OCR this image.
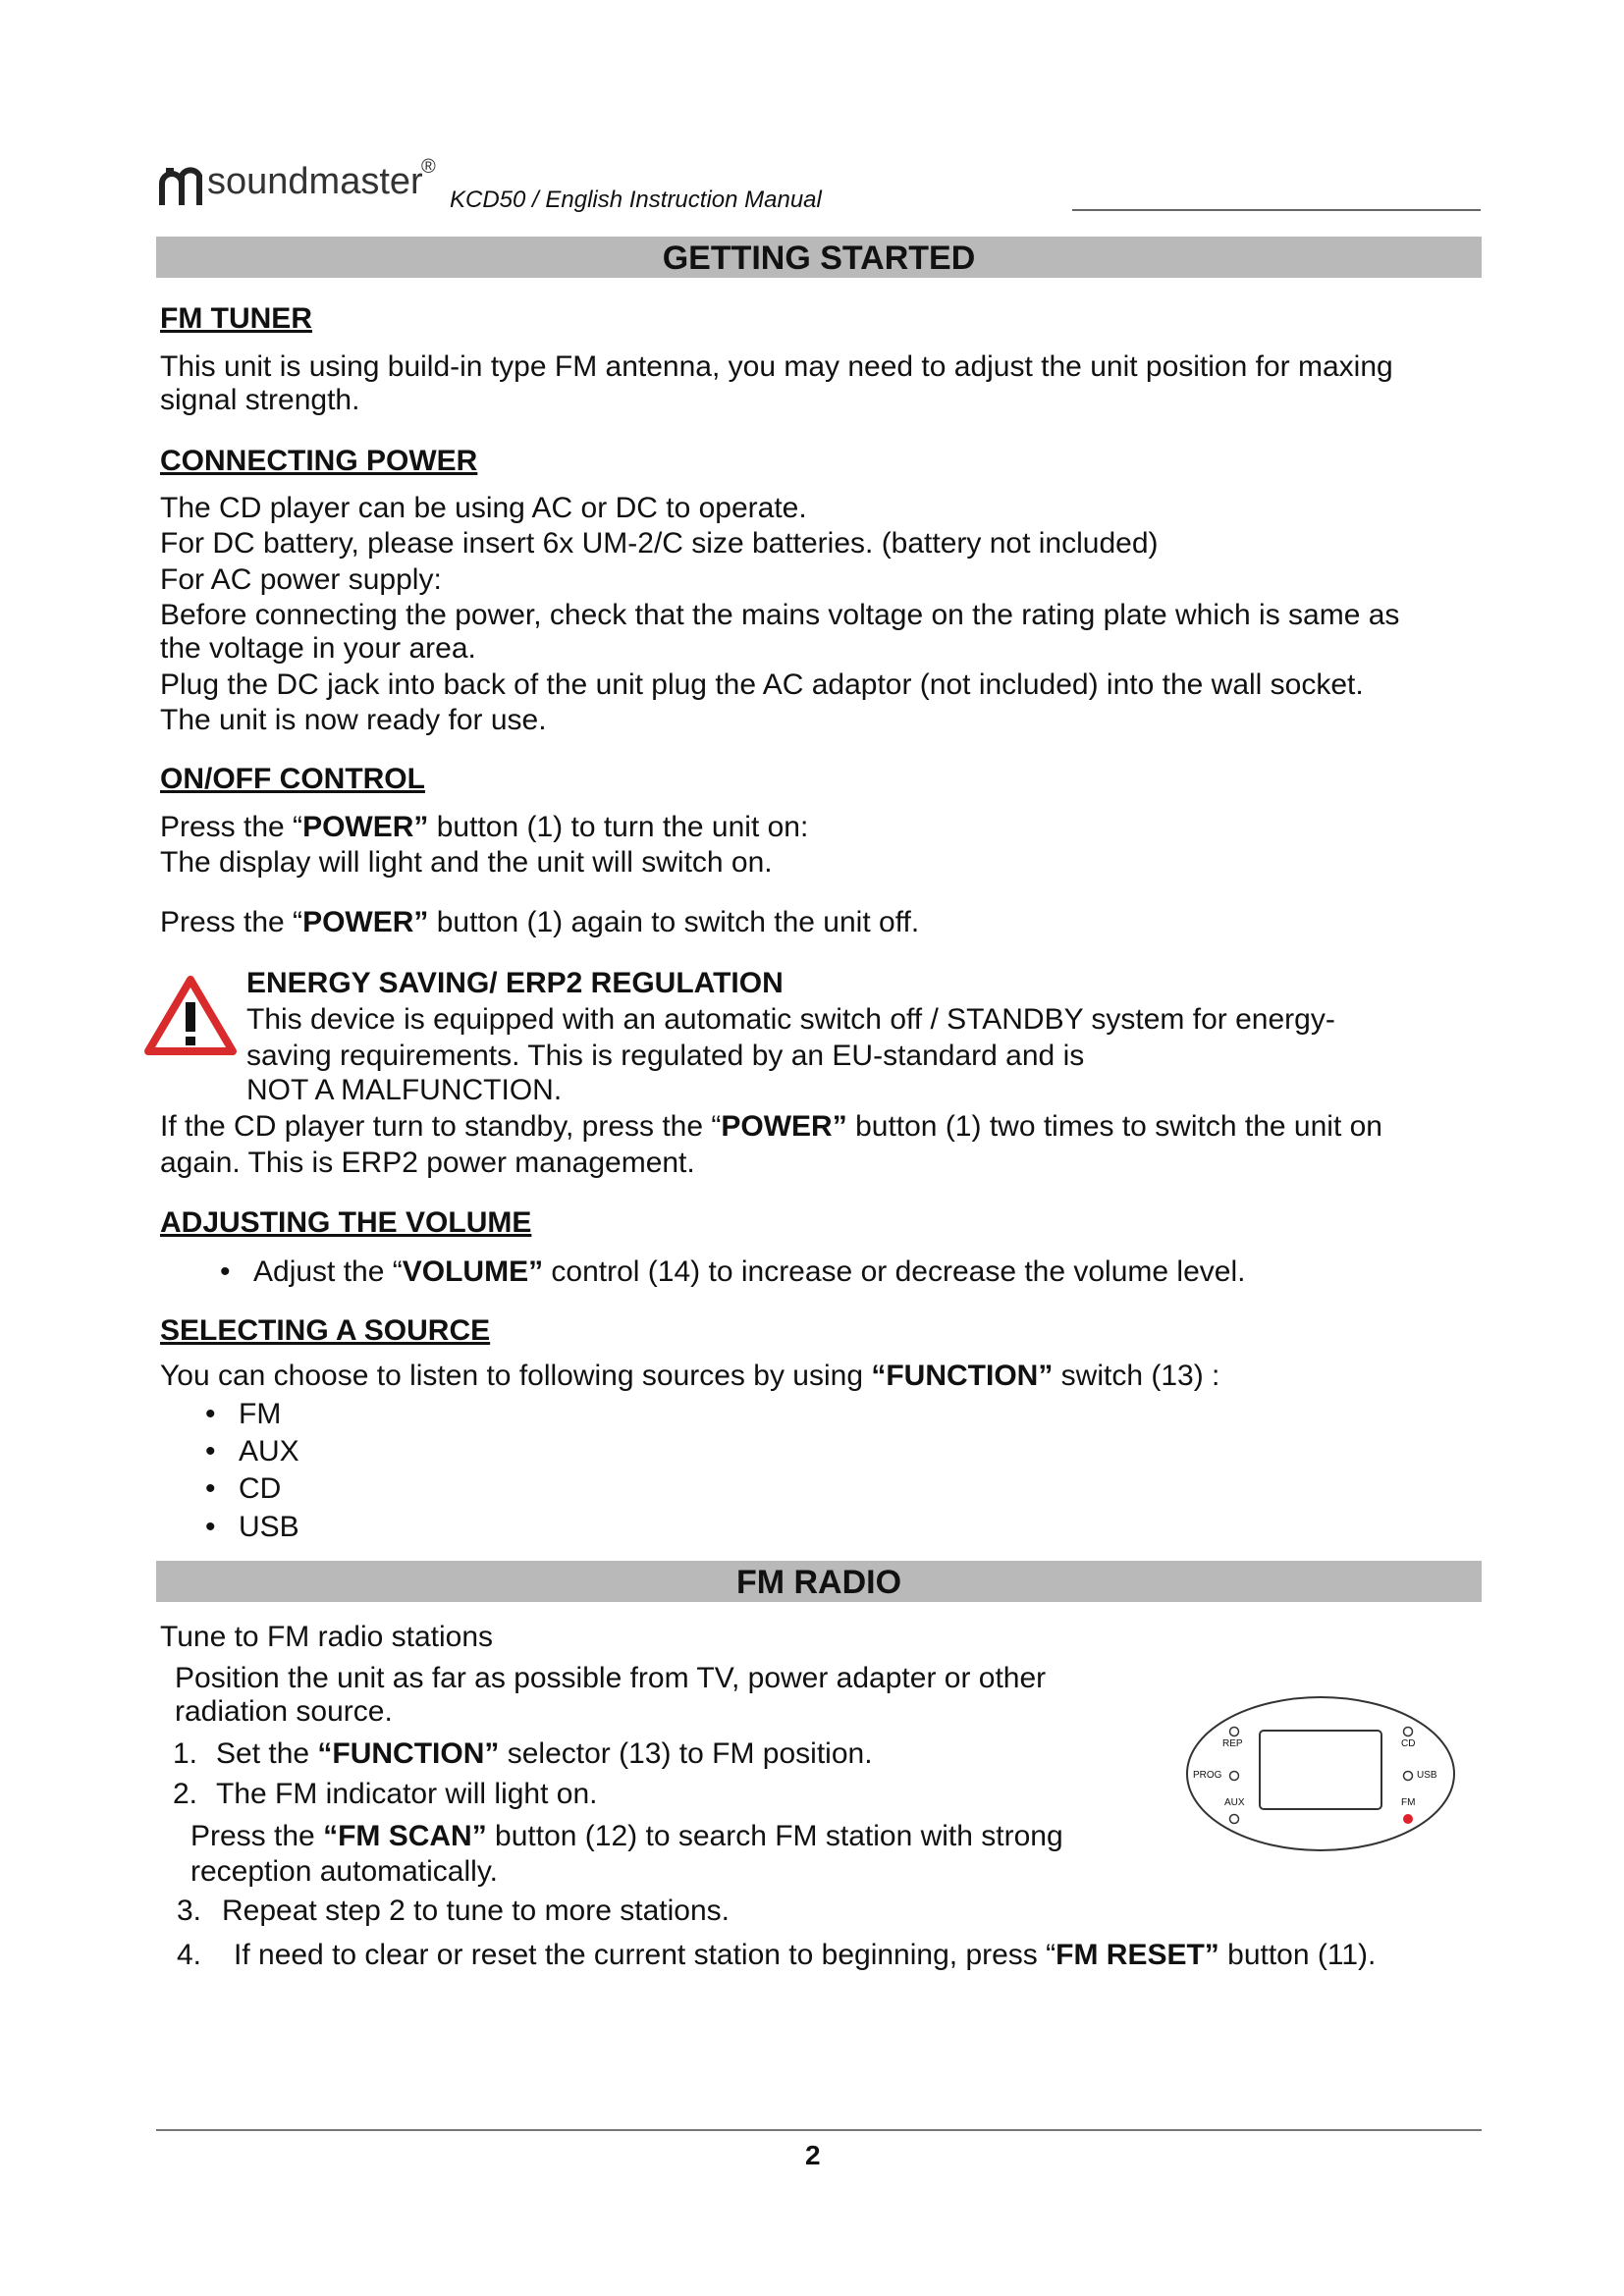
soundmaster
®
KCD50 / English Instruction Manual
GETTING STARTED
FM TUNER
This unit is using build-in type FM antenna, you may need to adjust the unit position for maxing
signal strength.
CONNECTING POWER
The CD player can be using AC or DC to operate.
For DC battery, please insert 6x UM-2/C size batteries. (battery not included)
For AC power supply:
Before connecting the power, check that the mains voltage on the rating plate which is same as
the voltage in your area.
Plug the DC jack into back of the unit plug the AC adaptor (not included) into the wall socket.
The unit is now ready for use.
ON/OFF CONTROL
Press the “POWER” button (1) to turn the unit on:
The display will light and the unit will switch on.
Press the “POWER” button (1) again to switch the unit off.
ENERGY SAVING/ ERP2 REGULATION
This device is equipped with an automatic switch off / STANDBY system for energy-
saving requirements. This is regulated by an EU-standard and is
NOT A MALFUNCTION.
If the CD player turn to standby, press the “POWER” button (1) two times to switch the unit on
again. This is ERP2 power management.
ADJUSTING THE VOLUME
• Adjust the “VOLUME” control (14) to increase or decrease the volume level.
SELECTING A SOURCE
You can choose to listen to following sources by using “FUNCTION” switch (13) :
• FM
• AUX
• CD
• USB
FM RADIO
Tune to FM radio stations
Position the unit as far as possible from TV, power adapter or other
radiation source.
1. Set the “FUNCTION” selector (13) to FM position.
2. The FM indicator will light on.
Press the “FM SCAN” button (12) to search FM station with strong
reception automatically.
3. Repeat step 2 to tune to more stations.
4. If need to clear or reset the current station to beginning, press “FM RESET” button (11).
REP	CD
PROG	USB
AUX	FM
2
